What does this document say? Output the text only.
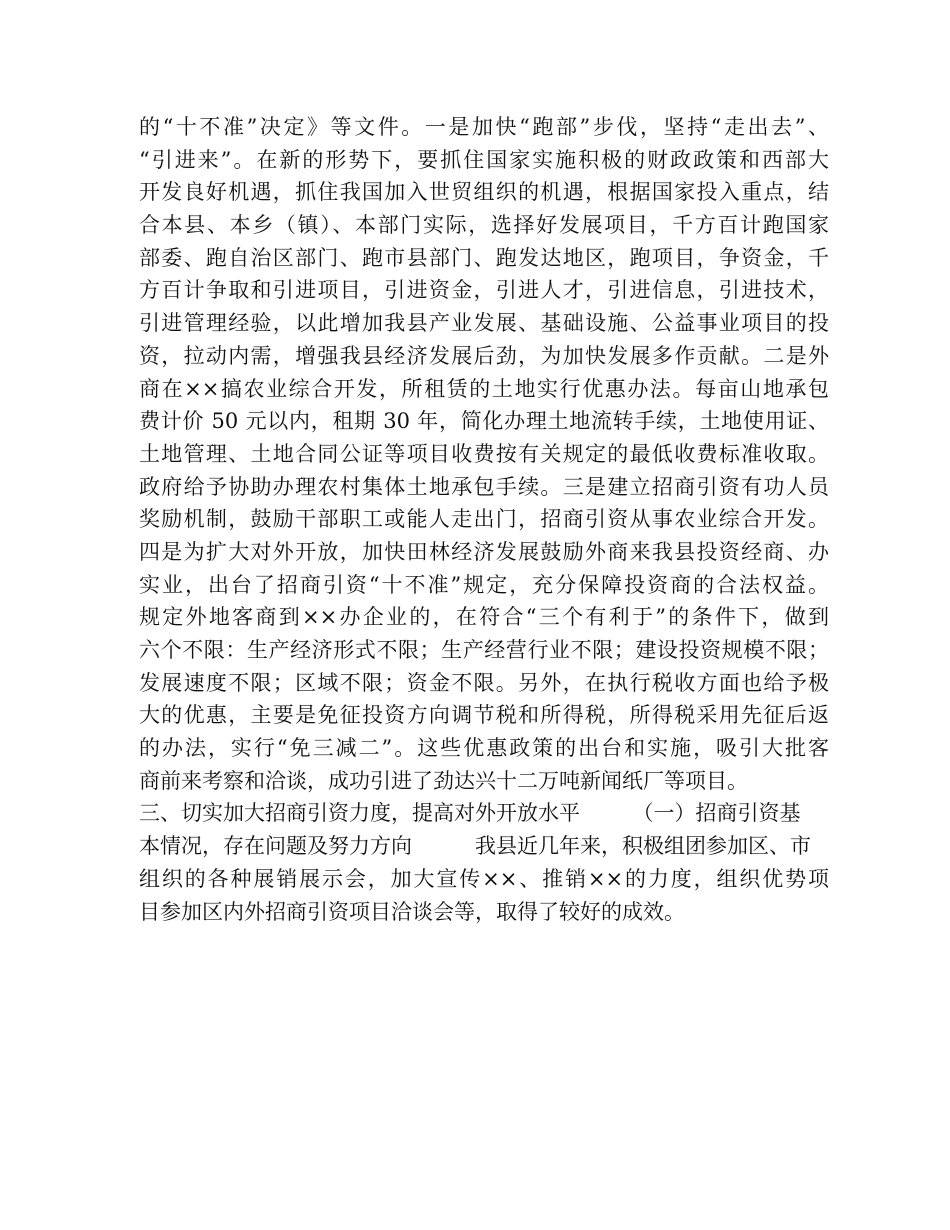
的“十不准”决定》等文件。一是加快“跑部”步伐，坚持“走出去”、
“引进来”。在新的形势下，要抓住国家实施积极的财政政策和西部大
开发良好机遇，抓住我国加入世贸组织的机遇，根据国家投入重点，结
合本县、本乡（镇）、本部门实际，选择好发展项目，千方百计跑国家
部委、跑自治区部门、跑市县部门、跑发达地区，跑项目，争资金，千
方百计争取和引进项目，引进资金，引进人才，引进信息，引进技术，
引进管理经验，以此增加我县产业发展、基础设施、公益事业项目的投
资，拉动内需，增强我县经济发展后劲，为加快发展多作贡献。二是外
商在××搞农业综合开发，所租赁的土地实行优惠办法。每亩山地承包
费计价 50 元以内，租期 30 年，简化办理土地流转手续，土地使用证、
土地管理、土地合同公证等项目收费按有关规定的最低收费标准收取。
政府给予协助办理农村集体土地承包手续。三是建立招商引资有功人员
奖励机制，鼓励干部职工或能人走出门，招商引资从事农业综合开发。
四是为扩大对外开放，加快田林经济发展鼓励外商来我县投资经商、办
实业，出台了招商引资“十不准”规定，充分保障投资商的合法权益。
规定外地客商到××办企业的，在符合“三个有利于”的条件下，做到
六个不限：生产经济形式不限；生产经营行业不限；建设投资规模不限；
发展速度不限；区域不限；资金不限。另外，在执行税收方面也给予极
大的优惠，主要是免征投资方向调节税和所得税，所得税采用先征后返
的办法，实行“免三减二”。这些优惠政策的出台和实施，吸引大批客
商前来考察和洽谈，成功引进了劲达兴十二万吨新闻纸厂等项目。
三、切实加大招商引资力度，提高对外开放水平　　　（一）招商引资基
本情况，存在问题及努力方向　　　我县近几年来，积极组团参加区、市
组织的各种展销展示会，加大宣传××、推销××的力度，组织优势项
目参加区内外招商引资项目洽谈会等，取得了较好的成效。
